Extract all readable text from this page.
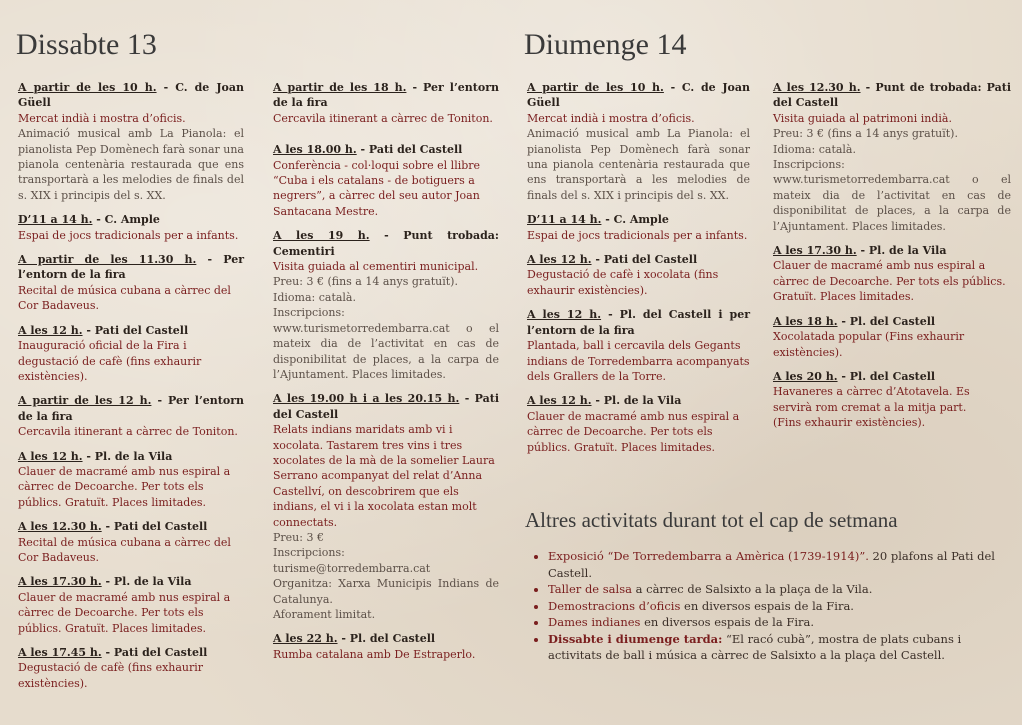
Dissabte 13	Diumenge 14

A partir de les 10 h. - C. de Joan Güell

Mercat indià i mostra d’oficis.

Animació musical amb La Pianola: el pianolista Pep Domènech farà sonar una pianola centenària restaurada que ens transportarà a les melodies de finals del s. XIX i principis del s. XX.

D’11 a 14 h. - C. Ample

Espai de jocs tradicionals per a infants.

A partir de les 11.30 h. - Per l’entorn de la fira

Recital de música cubana a càrrec del Cor Badaveus.

A les 12 h. - Pati del Castell

Inauguració oficial de la Fira i degustació de cafè (fins exhaurir existències).

A partir de les 12 h. - Per l’entorn de la fira

Cercavila itinerant a càrrec de Toniton.

A les 12 h. - Pl. de la Vila

Clauer de macramé amb nus espiral a càrrec de Decoarche. Per tots els públics. Gratuït. Places limitades.

A les 12.30 h. - Pati del Castell

Recital de música cubana a càrrec del Cor Badaveus.

A les 17.30 h. - Pl. de la Vila

Clauer de macramé amb nus espiral a càrrec de Decoarche. Per tots els públics. Gratuït. Places limitades.

A les 17.45 h. - Pati del Castell

Degustació de cafè (fins exhaurir existències).

A partir de les 18 h. - Per l’entorn de la fira

Cercavila itinerant a càrrec de Toniton.

A les 18.00 h. - Pati del Castell

Conferència - col·loqui sobre el llibre “Cuba i els catalans - de botiguers a negrers”, a càrrec del seu autor Joan Santacana Mestre.

A les 19 h. - Punt trobada: Cementiri

Visita guiada al cementiri municipal.

Preu: 3 € (fins a 14 anys gratuït).
Idioma: català.
Inscripcions:
www.turismetorredembarra.cat o el mateix dia de l’activitat en cas de disponibilitat de places, a la carpa de l’Ajuntament. Places limitades.

A les 19.00 h i a les 20.15 h. - Pati del Castell

Relats indians maridats amb vi i xocolata. Tastarem tres vins i tres xocolates de la mà de la somelier Laura Serrano acompanyat del relat d’Anna Castellví, on descobrirem que els indians, el vi i la xocolata estan molt connectats.

Preu: 3 €
Inscripcions:
turisme@torredembarra.cat
Organitza: Xarxa Municipis Indians de Catalunya.
Aforament limitat.

A les 22 h. - Pl. del Castell

Rumba catalana amb De Estraperlo.

A partir de les 10 h. - C. de Joan Güell

Mercat indià i mostra d’oficis.

Animació musical amb La Pianola: el pianolista Pep Domènech farà sonar una pianola centenària restaurada que ens transportarà a les melodies de finals del s. XIX i principis del s. XX.

D’11 a 14 h. - C. Ample

Espai de jocs tradicionals per a infants.

A les 12 h. - Pati del Castell

Degustació de cafè i xocolata (fins exhaurir existències).

A les 12 h. - Pl. del Castell i per l’entorn de la fira

Plantada, ball i cercavila dels Gegants indians de Torredembarra acompanyats dels Grallers de la Torre.

A les 12 h. - Pl. de la Vila

Clauer de macramé amb nus espiral a càrrec de Decoarche. Per tots els públics. Gratuït. Places limitades.

A les 12.30 h. - Punt de trobada: Pati del Castell

Visita guiada al patrimoni indià.

Preu: 3 € (fins a 14 anys gratuït).
Idioma: català.
Inscripcions:
www.turismetorredembarra.cat o el mateix dia de l’activitat en cas de disponibilitat de places, a la carpa de l’Ajuntament. Places limitades.

A les 17.30 h. - Pl. de la Vila

Clauer de macramé amb nus espiral a càrrec de Decoarche. Per tots els públics. Gratuït. Places limitades.

A les 18 h. - Pl. del Castell

Xocolatada popular (Fins exhaurir existències).

A les 20 h. - Pl. del Castell

Havaneres a càrrec d’Atotavela. Es servirà rom cremat a la mitja part.
(Fins exhaurir existències).

Altres activitats durant tot el cap de setmana
• Exposició “De Torredembarra a Amèrica (1739-1914)”. 20 plafons al Pati del Castell.
• Taller de salsa a càrrec de Salsixto a la plaça de la Vila.
• Demostracions d’oficis en diversos espais de la Fira.
• Dames indianes en diversos espais de la Fira.
• Dissabte i diumenge tarda: “El racó cubà”, mostra de plats cubans i activitats de ball i música a càrrec de Salsixto a la plaça del Castell.
